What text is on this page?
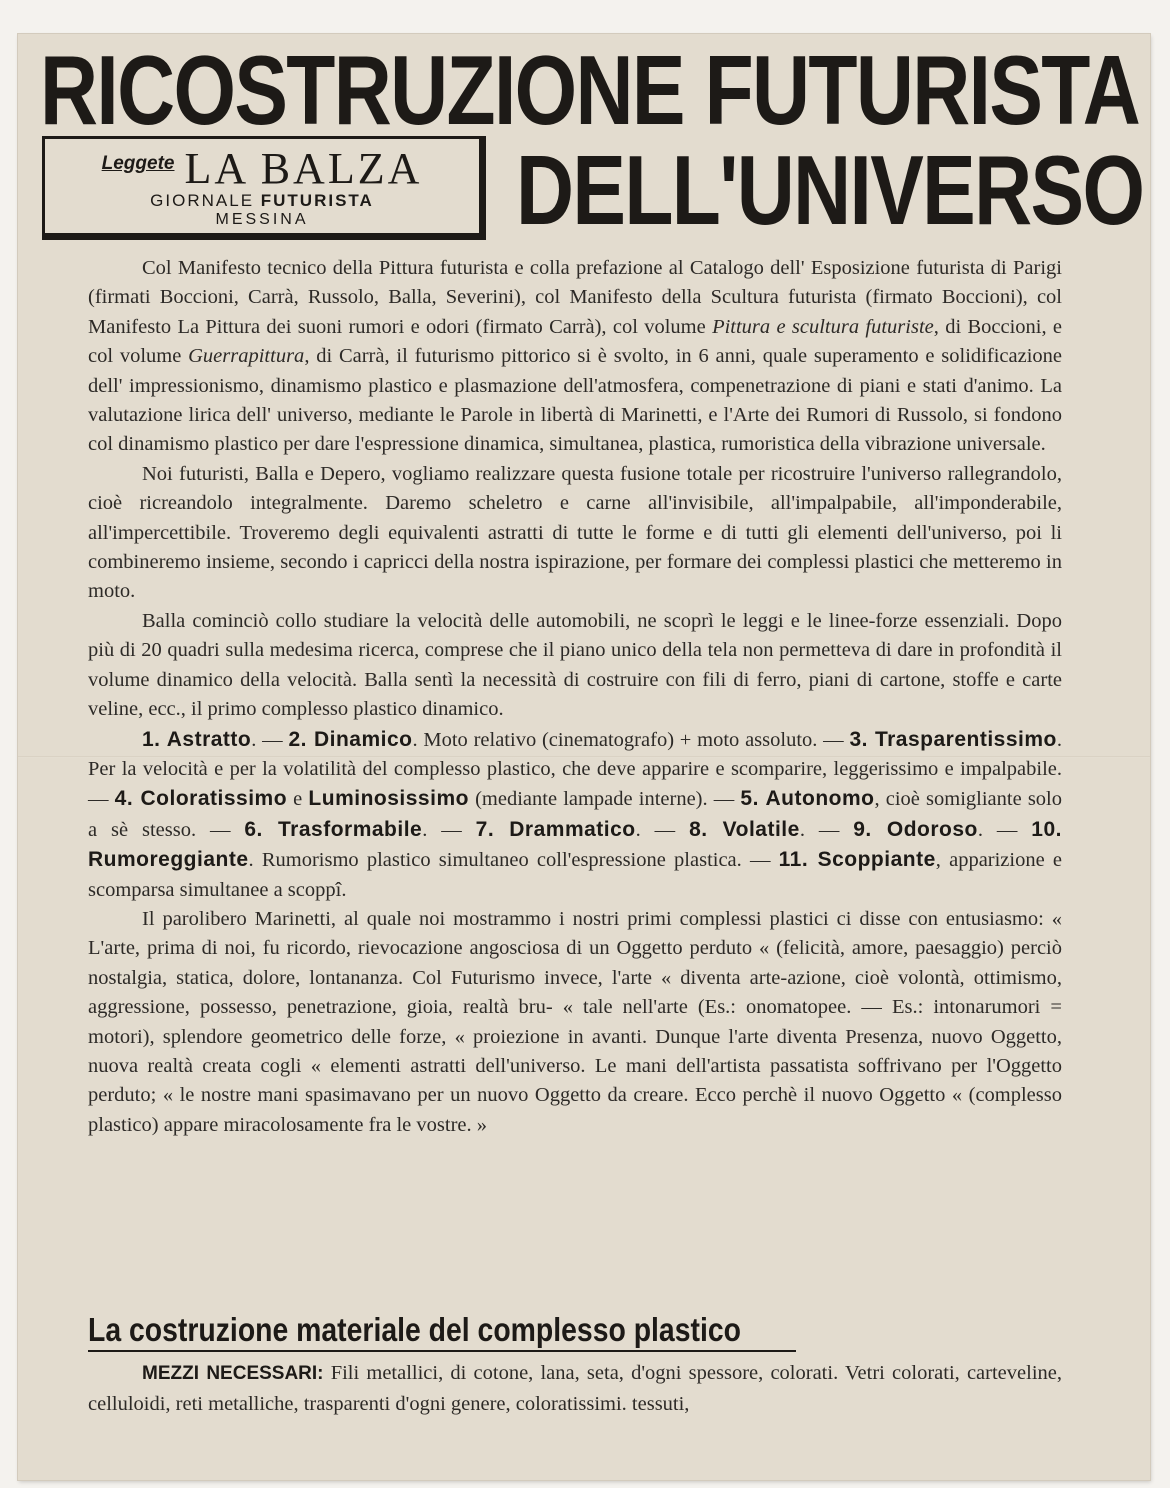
RICOSTRUZIONE FUTURISTA
Leggete LA BALZA
GIORNALE FUTURISTA
MESSINA	DELL'UNIVERSO

Col Manifesto tecnico della Pittura futurista e colla prefazione al Catalogo dell' Esposizione futurista di Parigi (firmati Boccioni, Carrà, Russolo, Balla, Severini), col Manifesto della Scultura futurista (firmato Boccioni), col Manifesto La Pittura dei suoni rumori e odori (firmato Carrà), col volume Pittura e scultura futuriste, di Boccioni, e col volume Guerrapittura, di Carrà, il futurismo pittorico si è svolto, in 6 anni, quale superamento e solidificazione dell' impressionismo, dinamismo plastico e plasmazione dell'atmosfera, compenetrazione di piani e stati d'animo. La valutazione lirica dell' universo, mediante le Parole in libertà di Marinetti, e l'Arte dei Rumori di Russolo, si fondono col dinamismo plastico per dare l'espressione dinamica, simultanea, plastica, rumoristica della vibrazione universale.

Noi futuristi, Balla e Depero, vogliamo realizzare questa fusione totale per ricostruire l'universo rallegrandolo, cioè ricreandolo integralmente. Daremo scheletro e carne all'invisibile, all'impalpabile, all'imponderabile, all'impercettibile. Troveremo degli equivalenti astratti di tutte le forme e di tutti gli elementi dell'universo, poi li combineremo insieme, secondo i capricci della nostra ispirazione, per formare dei complessi plastici che metteremo in moto.

Balla cominciò collo studiare la velocità delle automobili, ne scoprì le leggi e le linee-forze essenziali. Dopo più di 20 quadri sulla medesima ricerca, comprese che il piano unico della tela non permetteva di dare in profondità il volume dinamico della velocità. Balla sentì la necessità di costruire con fili di ferro, piani di cartone, stoffe e carte veline, ecc., il primo complesso plastico dinamico.

1. Astratto. — 2. Dinamico. Moto relativo (cinematografo) + moto assoluto. — 3. Trasparentissimo. Per la velocità e per la volatilità del complesso plastico, che deve apparire e scomparire, leggerissimo e impalpabile. — 4. Coloratissimo e Luminosissimo (mediante lampade interne). — 5. Autonomo, cioè somigliante solo a sè stesso. — 6. Trasformabile. — 7. Drammatico. — 8. Volatile. — 9. Odoroso. — 10. Rumoreggiante. Rumorismo plastico simultaneo coll'espressione plastica. — 11. Scoppiante, apparizione e scomparsa simultanee a scoppî.

Il parolibero Marinetti, al quale noi mostrammo i nostri primi complessi plastici ci disse con entusiasmo: « L'arte, prima di noi, fu ricordo, rievocazione angosciosa di un Oggetto perduto « (felicità, amore, paesaggio) perciò nostalgia, statica, dolore, lontananza. Col Futurismo invece, l'arte « diventa arte-azione, cioè volontà, ottimismo, aggressione, possesso, penetrazione, gioia, realtà bru- « tale nell'arte (Es.: onomatopee. — Es.: intonarumori = motori), splendore geometrico delle forze, « proiezione in avanti. Dunque l'arte diventa Presenza, nuovo Oggetto, nuova realtà creata cogli « elementi astratti dell'universo. Le mani dell'artista passatista soffrivano per l'Oggetto perduto; « le nostre mani spasimavano per un nuovo Oggetto da creare. Ecco perchè il nuovo Oggetto « (complesso plastico) appare miracolosamente fra le vostre. »

La costruzione materiale del complesso plastico

MEZZI NECESSARI: Fili metallici, di cotone, lana, seta, d'ogni spessore, colorati. Vetri colorati, carteveline, celluloidi, reti metalliche, trasparenti d'ogni genere, coloratissimi. tessuti,
